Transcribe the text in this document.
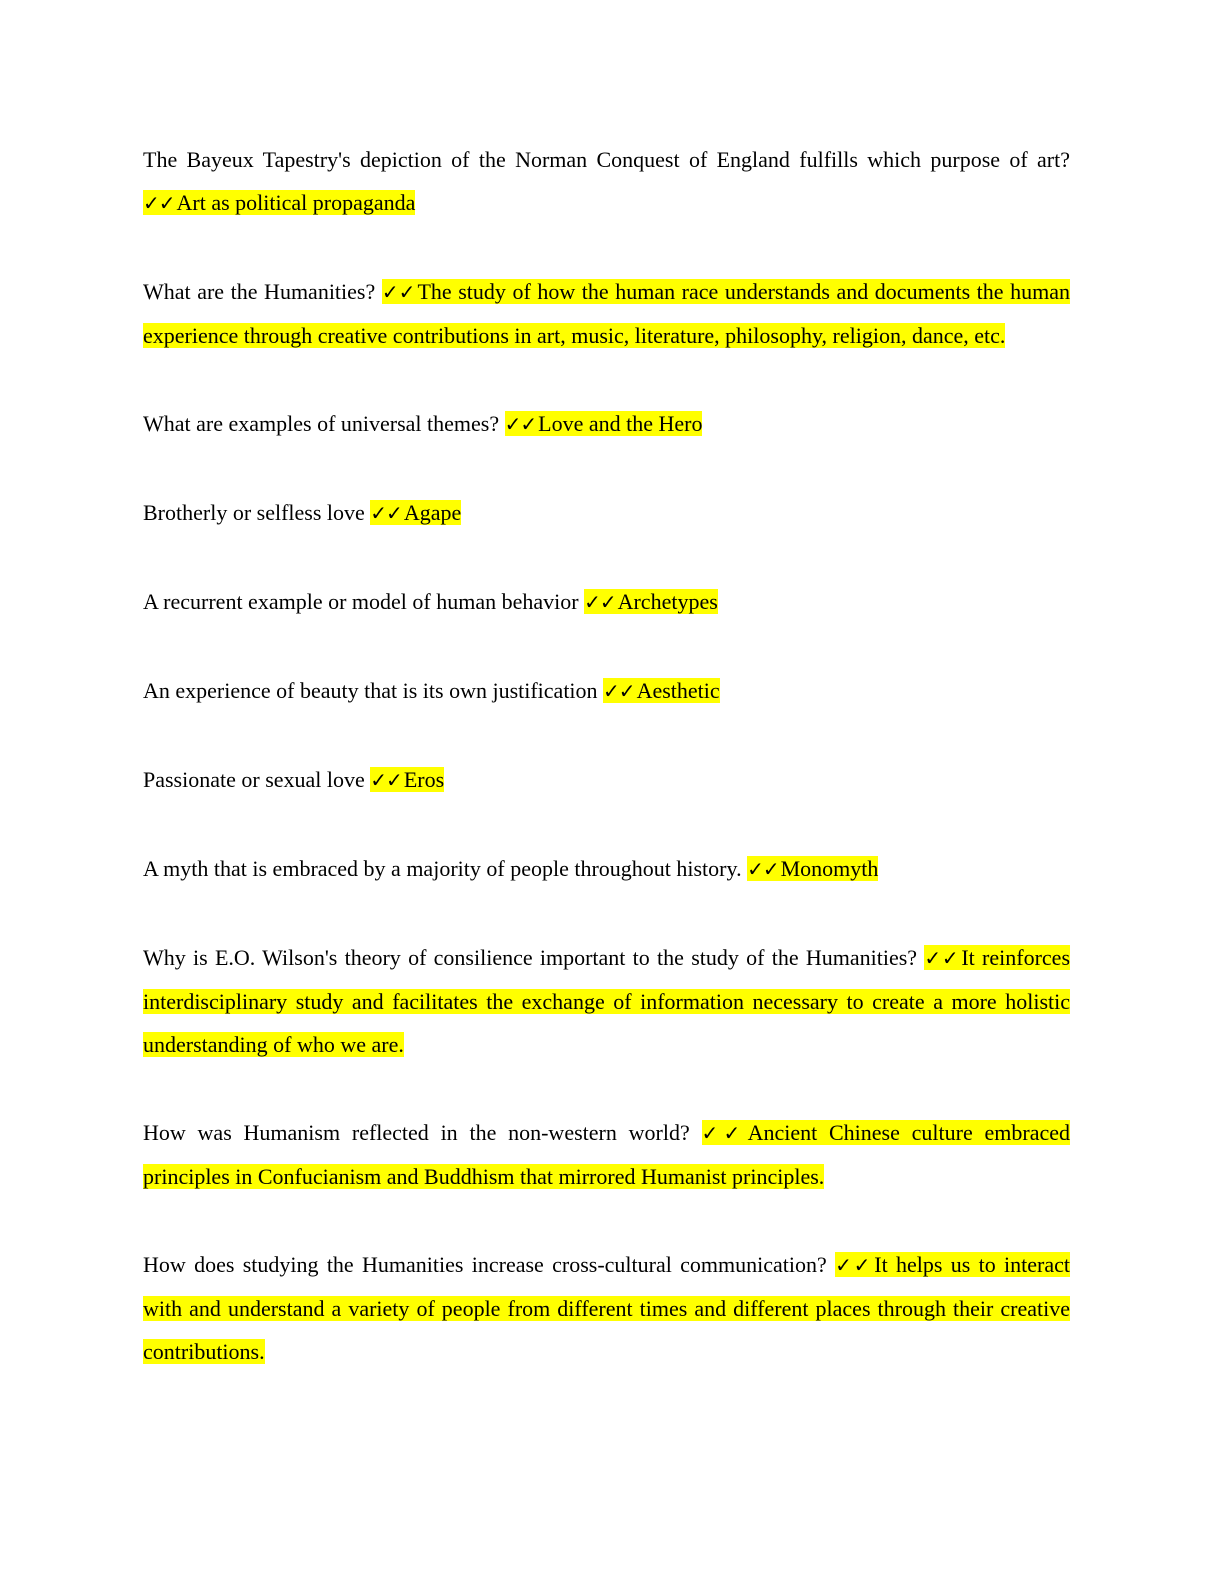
The Bayeux Tapestry's depiction of the Norman Conquest of England fulfills which purpose of art? ✓✓Art as political propaganda

What are the Humanities? ✓✓The study of how the human race understands and documents the human experience through creative contributions in art, music, literature, philosophy, religion, dance, etc.

What are examples of universal themes? ✓✓Love and the Hero

Brotherly or selfless love ✓✓Agape

A recurrent example or model of human behavior ✓✓Archetypes

An experience of beauty that is its own justification ✓✓Aesthetic

Passionate or sexual love ✓✓Eros

A myth that is embraced by a majority of people throughout history. ✓✓Monomyth

Why is E.O. Wilson's theory of consilience important to the study of the Humanities? ✓✓It reinforces interdisciplinary study and facilitates the exchange of information necessary to create a more holistic understanding of who we are.

How was Humanism reflected in the non-western world? ✓✓Ancient Chinese culture embraced principles in Confucianism and Buddhism that mirrored Humanist principles.

How does studying the Humanities increase cross-cultural communication? ✓✓It helps us to interact with and understand a variety of people from different times and different places through their creative contributions.
